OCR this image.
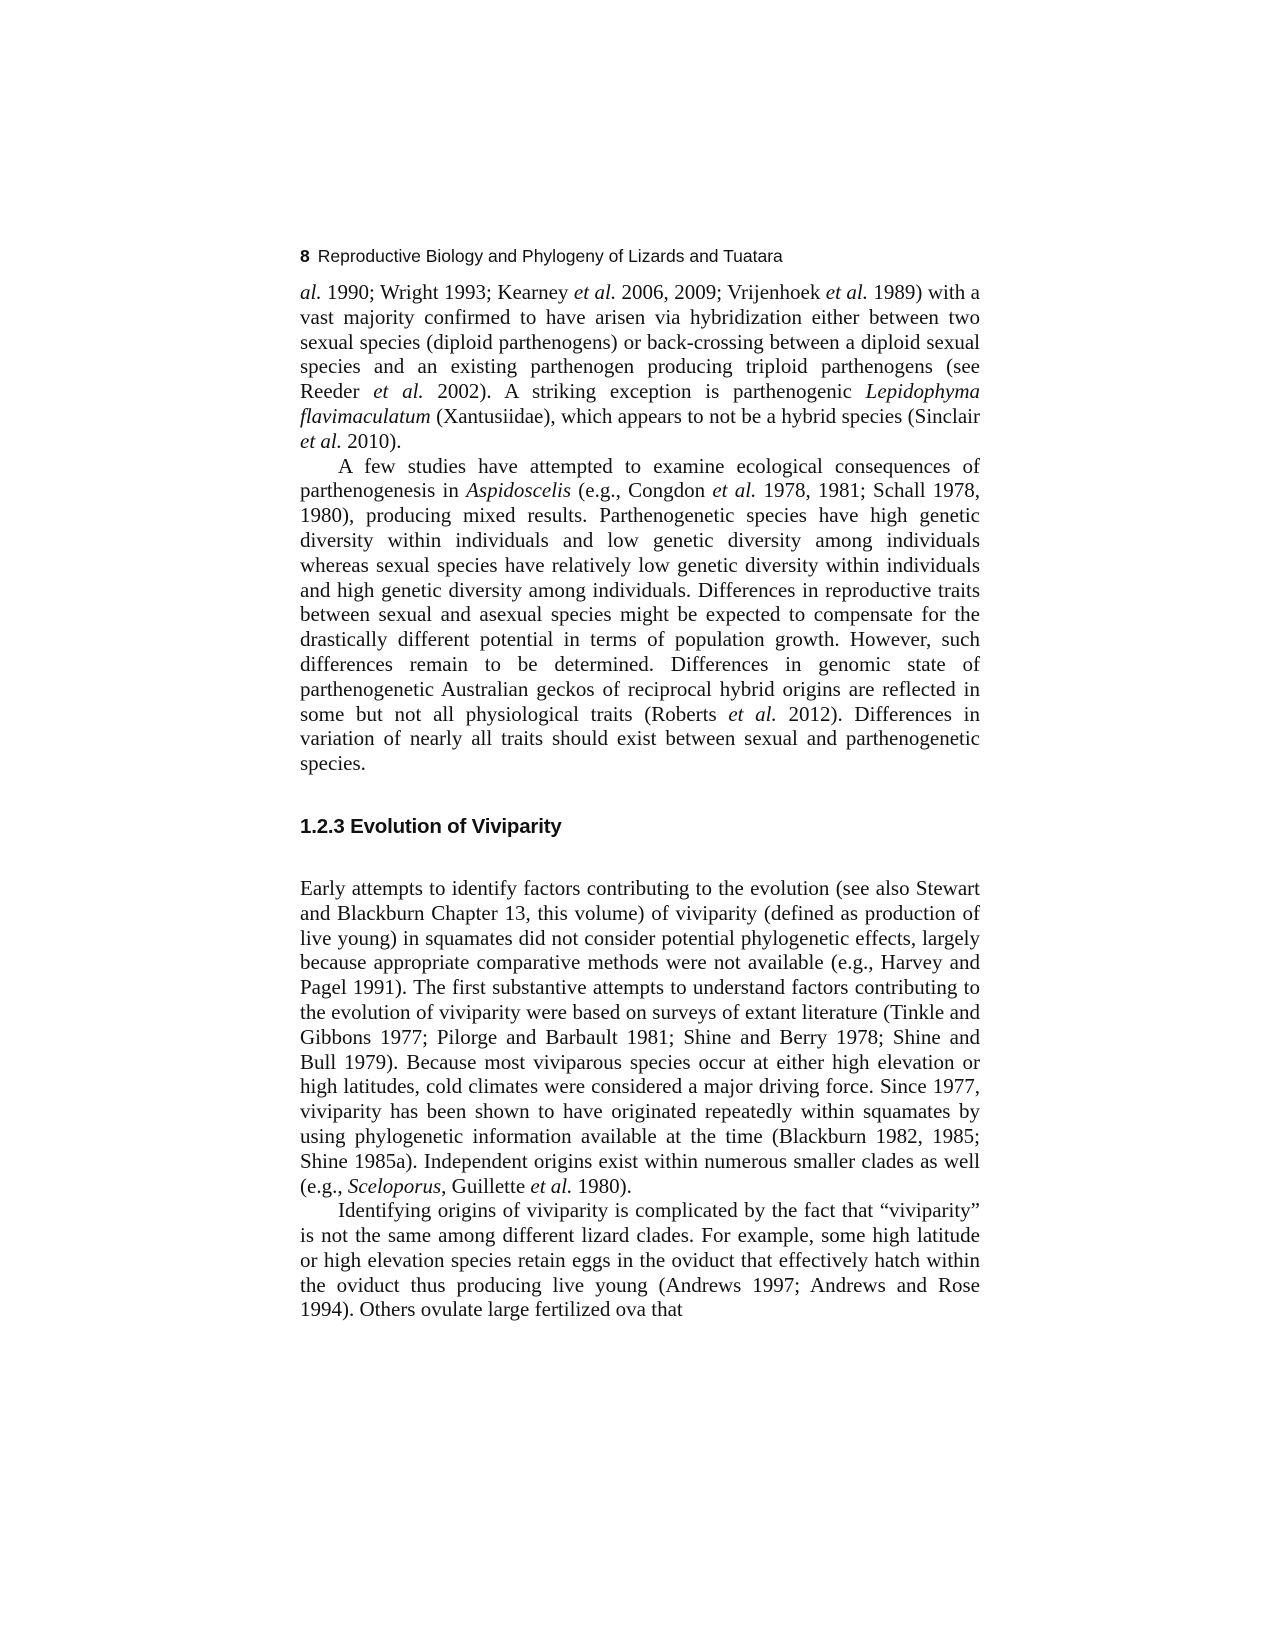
8 Reproductive Biology and Phylogeny of Lizards and Tuatara

al. 1990; Wright 1993; Kearney et al. 2006, 2009; Vrijenhoek et al. 1989) with a vast majority confirmed to have arisen via hybridization either between two sexual species (diploid parthenogens) or back-crossing between a diploid sexual species and an existing parthenogen producing triploid parthenogens (see Reeder et al. 2002). A striking exception is parthenogenic Lepidophyma flavimaculatum (Xantusiidae), which appears to not be a hybrid species (Sinclair et al. 2010).

A few studies have attempted to examine ecological consequences of parthenogenesis in Aspidoscelis (e.g., Congdon et al. 1978, 1981; Schall 1978, 1980), producing mixed results. Parthenogenetic species have high genetic diversity within individuals and low genetic diversity among individuals whereas sexual species have relatively low genetic diversity within individuals and high genetic diversity among individuals. Differences in reproductive traits between sexual and asexual species might be expected to compensate for the drastically different potential in terms of population growth. However, such differences remain to be determined. Differences in genomic state of parthenogenetic Australian geckos of reciprocal hybrid origins are reflected in some but not all physiological traits (Roberts et al. 2012). Differences in variation of nearly all traits should exist between sexual and parthenogenetic species.

1.2.3 Evolution of Viviparity

Early attempts to identify factors contributing to the evolution (see also Stewart and Blackburn Chapter 13, this volume) of viviparity (defined as production of live young) in squamates did not consider potential phylogenetic effects, largely because appropriate comparative methods were not available (e.g., Harvey and Pagel 1991). The first substantive attempts to understand factors contributing to the evolution of viviparity were based on surveys of extant literature (Tinkle and Gibbons 1977; Pilorge and Barbault 1981; Shine and Berry 1978; Shine and Bull 1979). Because most viviparous species occur at either high elevation or high latitudes, cold climates were considered a major driving force. Since 1977, viviparity has been shown to have originated repeatedly within squamates by using phylogenetic information available at the time (Blackburn 1982, 1985; Shine 1985a). Independent origins exist within numerous smaller clades as well (e.g., Sceloporus, Guillette et al. 1980).

Identifying origins of viviparity is complicated by the fact that “viviparity” is not the same among different lizard clades. For example, some high latitude or high elevation species retain eggs in the oviduct that effectively hatch within the oviduct thus producing live young (Andrews 1997; Andrews and Rose 1994). Others ovulate large fertilized ova that
